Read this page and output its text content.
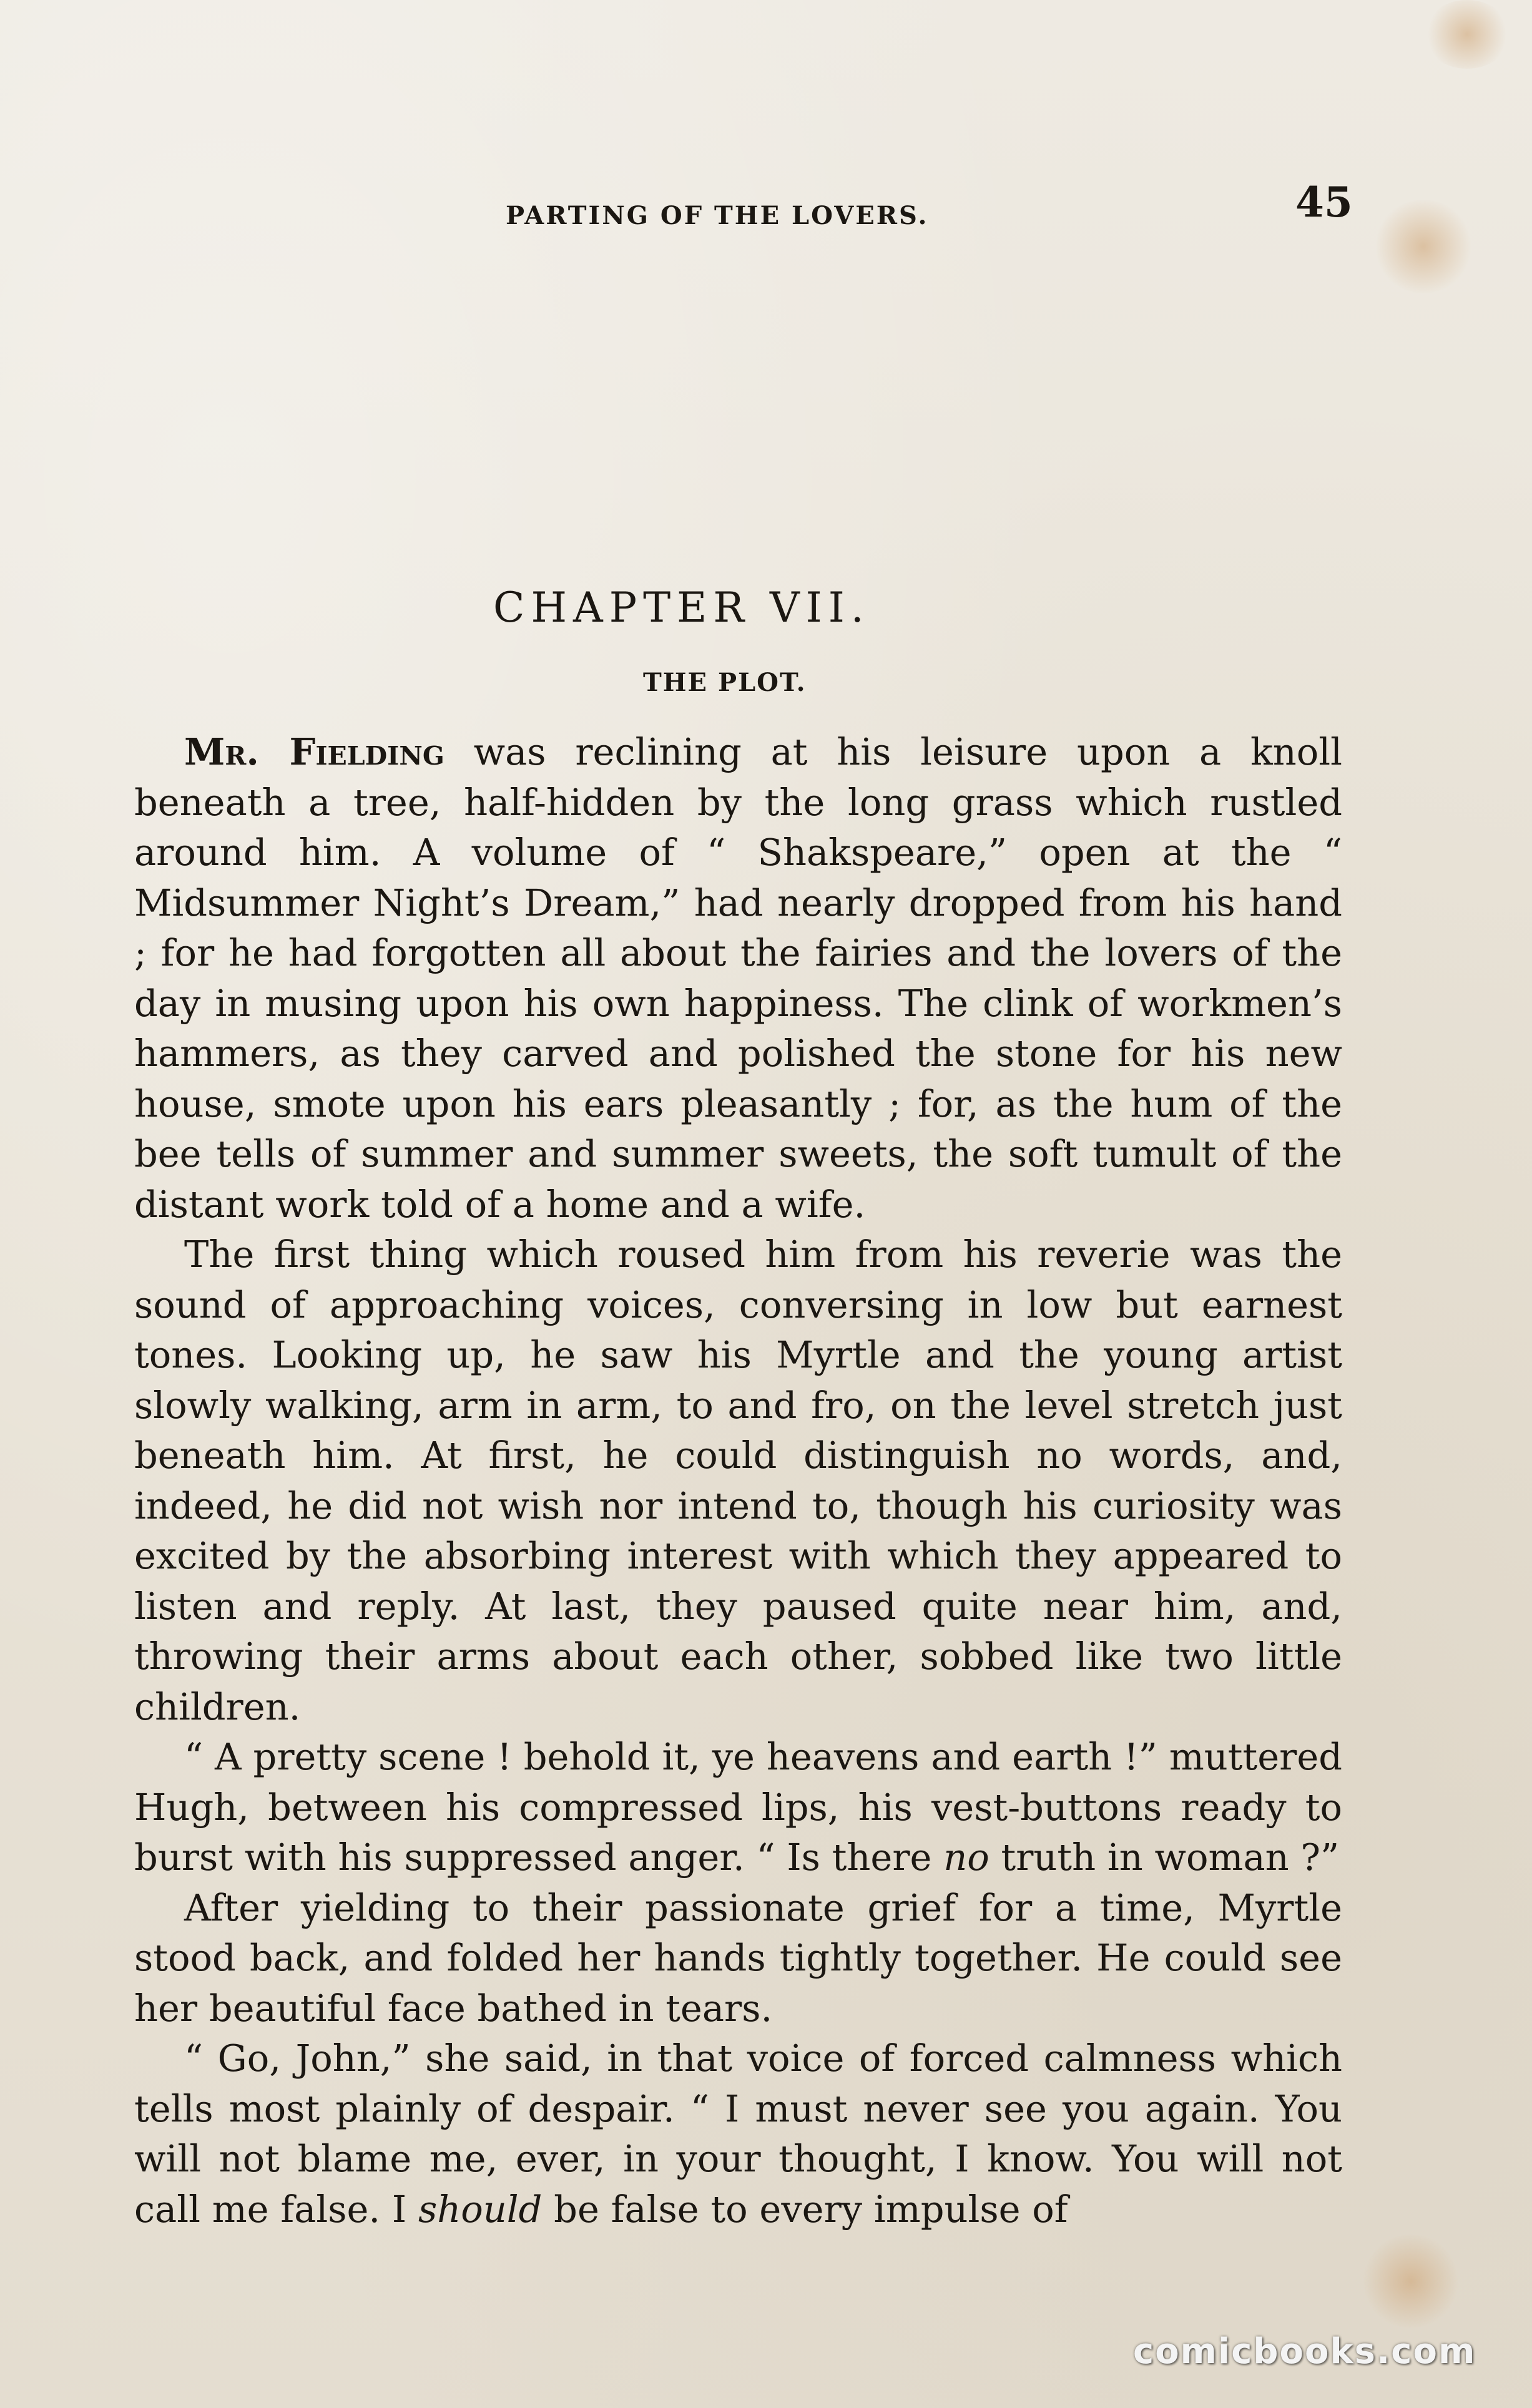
PARTING OF THE LOVERS.	45
CHAPTER VII.
THE PLOT.

Mr. Fielding was reclining at his leisure upon a knoll beneath a tree, half-hidden by the long grass which rustled around him. A volume of “ Shakspeare,” open at the “ Midsummer Night’s Dream,” had nearly dropped from his hand ; for he had forgotten all about the fairies and the lovers of the day in musing upon his own happiness. The clink of workmen’s hammers, as they carved and polished the stone for his new house, smote upon his ears pleasantly ; for, as the hum of the bee tells of summer and summer sweets, the soft tumult of the distant work told of a home and a wife.

The first thing which roused him from his reverie was the sound of approaching voices, conversing in low but earnest tones. Looking up, he saw his Myrtle and the young artist slowly walking, arm in arm, to and fro, on the level stretch just beneath him. At first, he could distinguish no words, and, indeed, he did not wish nor intend to, though his curiosity was excited by the absorbing interest with which they appeared to listen and reply. At last, they paused quite near him, and, throwing their arms about each other, sobbed like two little children.

“ A pretty scene ! behold it, ye heavens and earth !” muttered Hugh, between his compressed lips, his vest-buttons ready to burst with his suppressed anger. “ Is there no truth in woman ?”

After yielding to their passionate grief for a time, Myrtle stood back, and folded her hands tightly together. He could see her beautiful face bathed in tears.

“ Go, John,” she said, in that voice of forced calmness which tells most plainly of despair. “ I must never see you again. You will not blame me, ever, in your thought, I know. You will not call me false. I should be false to every impulse of

comicbooks.com
